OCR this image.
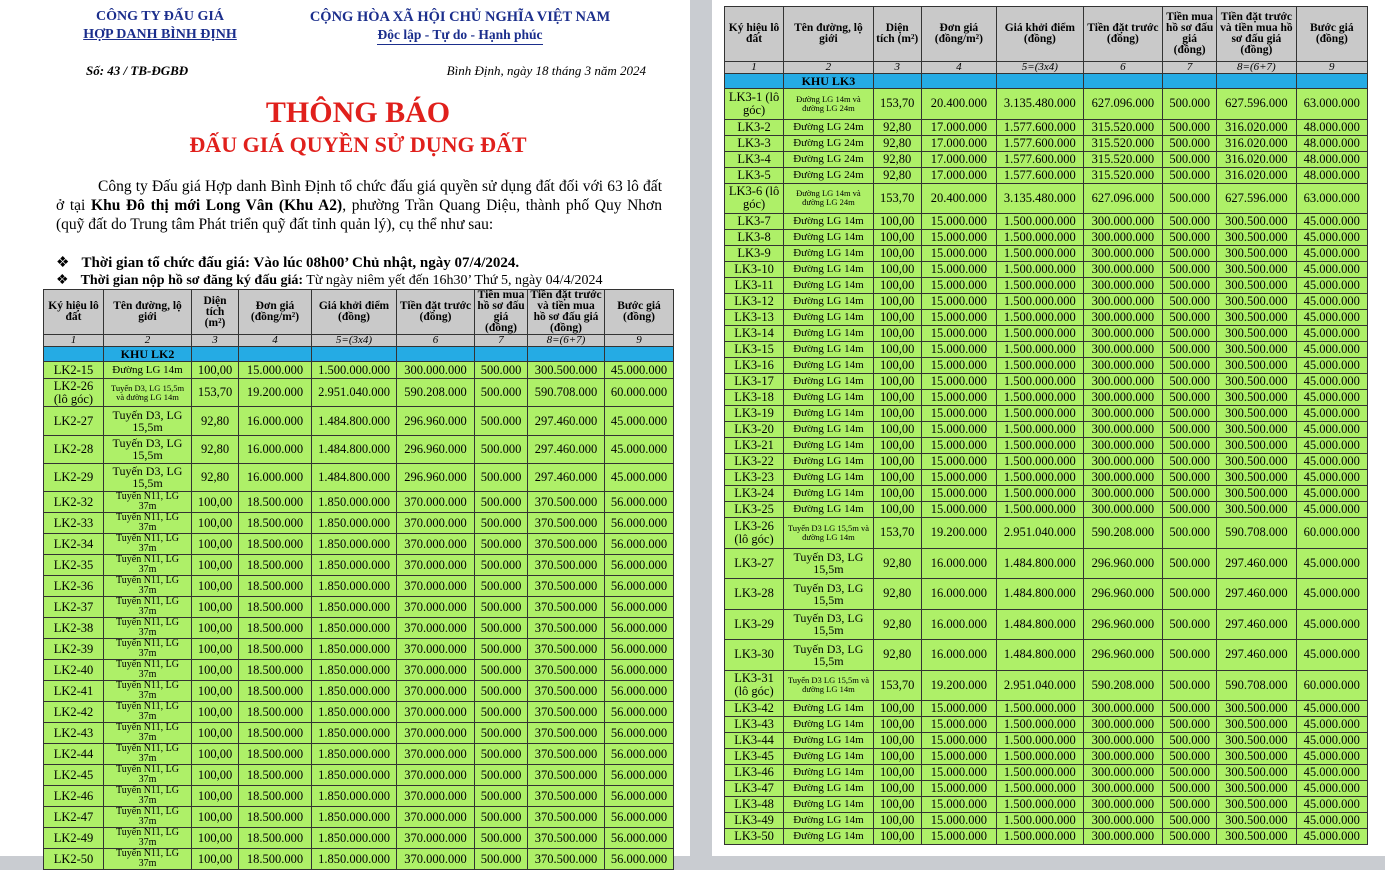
CÔNG TY ĐẤU GIÁ
HỢP DANH BÌNH ĐỊNH
CỘNG HÒA XÃ HỘI CHỦ NGHĨA VIỆT NAM
Độc lập - Tự do - Hạnh phúc
Số: 43 / TB-ĐGBĐ	Bình Định, ngày 18 tháng 3 năm 2024
THÔNG BÁO
ĐẤU GIÁ QUYỀN SỬ DỤNG ĐẤT
Công ty Đấu giá Hợp danh Bình Định tổ chức đấu giá quyền sử dụng đất đối với 63 lô đất ở tại Khu Đô thị mới Long Vân (Khu A2), phường Trần Quang Diệu, thành phố Quy Nhơn (quỹ đất do Trung tâm Phát triển quỹ đất tỉnh quản lý), cụ thể như sau:
❖ Thời gian tổ chức đấu giá: Vào lúc 08h00’ Chủ nhật, ngày 07/4/2024.
❖ Thời gian nộp hồ sơ đăng ký đấu giá: Từ ngày niêm yết đến 16h30’ Thứ 5, ngày 04/4/2024
Ký hiệu lô đất	Tên đường, lộ giới	Diện tích (m²)	Đơn giá (đồng/m²)	Giá khởi điểm (đồng)	Tiền đặt trước (đồng)	Tiền mua hồ sơ đấu giá (đồng)	Tiền đặt trước và tiền mua hồ sơ đấu giá (đồng)	Bước giá (đồng)
1	2	3	4	5=(3x4)	6	7	8=(6+7)	9
	KHU LK2							
LK2-15	Đường LG 14m	100,00	15.000.000	1.500.000.000	300.000.000	500.000	300.500.000	45.000.000
LK2-26 (lô góc)	Tuyến D3, LG 15,5m và đường LG 14m	153,70	19.200.000	2.951.040.000	590.208.000	500.000	590.708.000	60.000.000
LK2-27	Tuyến D3, LG 15,5m	92,80	16.000.000	1.484.800.000	296.960.000	500.000	297.460.000	45.000.000
LK2-28	Tuyến D3, LG 15,5m	92,80	16.000.000	1.484.800.000	296.960.000	500.000	297.460.000	45.000.000
LK2-29	Tuyến D3, LG 15,5m	92,80	16.000.000	1.484.800.000	296.960.000	500.000	297.460.000	45.000.000
LK2-32	Tuyến N11, LG 37m	100,00	18.500.000	1.850.000.000	370.000.000	500.000	370.500.000	56.000.000
LK2-33	Tuyến N11, LG 37m	100,00	18.500.000	1.850.000.000	370.000.000	500.000	370.500.000	56.000.000
LK2-34	Tuyến N11, LG 37m	100,00	18.500.000	1.850.000.000	370.000.000	500.000	370.500.000	56.000.000
LK2-35	Tuyến N11, LG 37m	100,00	18.500.000	1.850.000.000	370.000.000	500.000	370.500.000	56.000.000
LK2-36	Tuyến N11, LG 37m	100,00	18.500.000	1.850.000.000	370.000.000	500.000	370.500.000	56.000.000
LK2-37	Tuyến N11, LG 37m	100,00	18.500.000	1.850.000.000	370.000.000	500.000	370.500.000	56.000.000
LK2-38	Tuyến N11, LG 37m	100,00	18.500.000	1.850.000.000	370.000.000	500.000	370.500.000	56.000.000
LK2-39	Tuyến N11, LG 37m	100,00	18.500.000	1.850.000.000	370.000.000	500.000	370.500.000	56.000.000
LK2-40	Tuyến N11, LG 37m	100,00	18.500.000	1.850.000.000	370.000.000	500.000	370.500.000	56.000.000
LK2-41	Tuyến N11, LG 37m	100,00	18.500.000	1.850.000.000	370.000.000	500.000	370.500.000	56.000.000
LK2-42	Tuyến N11, LG 37m	100,00	18.500.000	1.850.000.000	370.000.000	500.000	370.500.000	56.000.000
LK2-43	Tuyến N11, LG 37m	100,00	18.500.000	1.850.000.000	370.000.000	500.000	370.500.000	56.000.000
LK2-44	Tuyến N11, LG 37m	100,00	18.500.000	1.850.000.000	370.000.000	500.000	370.500.000	56.000.000
LK2-45	Tuyến N11, LG 37m	100,00	18.500.000	1.850.000.000	370.000.000	500.000	370.500.000	56.000.000
LK2-46	Tuyến N11, LG 37m	100,00	18.500.000	1.850.000.000	370.000.000	500.000	370.500.000	56.000.000
LK2-47	Tuyến N11, LG 37m	100,00	18.500.000	1.850.000.000	370.000.000	500.000	370.500.000	56.000.000
LK2-49	Tuyến N11, LG 37m	100,00	18.500.000	1.850.000.000	370.000.000	500.000	370.500.000	56.000.000
LK2-50	Tuyến N11, LG 37m	100,00	18.500.000	1.850.000.000	370.000.000	500.000	370.500.000	56.000.000
Ký hiệu lô đất	Tên đường, lộ giới	Diện tích (m²)	Đơn giá (đồng/m²)	Giá khởi điểm (đồng)	Tiền đặt trước (đồng)	Tiền mua hồ sơ đấu giá (đồng)	Tiền đặt trước và tiền mua hồ sơ đấu giá (đồng)	Bước giá (đồng)
1	2	3	4	5=(3x4)	6	7	8=(6+7)	9
	KHU LK3							
LK3-1 (lô góc)	Đường LG 14m và đường LG 24m	153,70	20.400.000	3.135.480.000	627.096.000	500.000	627.596.000	63.000.000
LK3-2	Đường LG 24m	92,80	17.000.000	1.577.600.000	315.520.000	500.000	316.020.000	48.000.000
LK3-3	Đường LG 24m	92,80	17.000.000	1.577.600.000	315.520.000	500.000	316.020.000	48.000.000
LK3-4	Đường LG 24m	92,80	17.000.000	1.577.600.000	315.520.000	500.000	316.020.000	48.000.000
LK3-5	Đường LG 24m	92,80	17.000.000	1.577.600.000	315.520.000	500.000	316.020.000	48.000.000
LK3-6 (lô góc)	Đường LG 14m và đường LG 24m	153,70	20.400.000	3.135.480.000	627.096.000	500.000	627.596.000	63.000.000
LK3-7	Đường LG 14m	100,00	15.000.000	1.500.000.000	300.000.000	500.000	300.500.000	45.000.000
LK3-8	Đường LG 14m	100,00	15.000.000	1.500.000.000	300.000.000	500.000	300.500.000	45.000.000
LK3-9	Đường LG 14m	100,00	15.000.000	1.500.000.000	300.000.000	500.000	300.500.000	45.000.000
LK3-10	Đường LG 14m	100,00	15.000.000	1.500.000.000	300.000.000	500.000	300.500.000	45.000.000
LK3-11	Đường LG 14m	100,00	15.000.000	1.500.000.000	300.000.000	500.000	300.500.000	45.000.000
LK3-12	Đường LG 14m	100,00	15.000.000	1.500.000.000	300.000.000	500.000	300.500.000	45.000.000
LK3-13	Đường LG 14m	100,00	15.000.000	1.500.000.000	300.000.000	500.000	300.500.000	45.000.000
LK3-14	Đường LG 14m	100,00	15.000.000	1.500.000.000	300.000.000	500.000	300.500.000	45.000.000
LK3-15	Đường LG 14m	100,00	15.000.000	1.500.000.000	300.000.000	500.000	300.500.000	45.000.000
LK3-16	Đường LG 14m	100,00	15.000.000	1.500.000.000	300.000.000	500.000	300.500.000	45.000.000
LK3-17	Đường LG 14m	100,00	15.000.000	1.500.000.000	300.000.000	500.000	300.500.000	45.000.000
LK3-18	Đường LG 14m	100,00	15.000.000	1.500.000.000	300.000.000	500.000	300.500.000	45.000.000
LK3-19	Đường LG 14m	100,00	15.000.000	1.500.000.000	300.000.000	500.000	300.500.000	45.000.000
LK3-20	Đường LG 14m	100,00	15.000.000	1.500.000.000	300.000.000	500.000	300.500.000	45.000.000
LK3-21	Đường LG 14m	100,00	15.000.000	1.500.000.000	300.000.000	500.000	300.500.000	45.000.000
LK3-22	Đường LG 14m	100,00	15.000.000	1.500.000.000	300.000.000	500.000	300.500.000	45.000.000
LK3-23	Đường LG 14m	100,00	15.000.000	1.500.000.000	300.000.000	500.000	300.500.000	45.000.000
LK3-24	Đường LG 14m	100,00	15.000.000	1.500.000.000	300.000.000	500.000	300.500.000	45.000.000
LK3-25	Đường LG 14m	100,00	15.000.000	1.500.000.000	300.000.000	500.000	300.500.000	45.000.000
LK3-26 (lô góc)	Tuyến D3 LG 15,5m và đường LG 14m	153,70	19.200.000	2.951.040.000	590.208.000	500.000	590.708.000	60.000.000
LK3-27	Tuyến D3, LG 15,5m	92,80	16.000.000	1.484.800.000	296.960.000	500.000	297.460.000	45.000.000
LK3-28	Tuyến D3, LG 15,5m	92,80	16.000.000	1.484.800.000	296.960.000	500.000	297.460.000	45.000.000
LK3-29	Tuyến D3, LG 15,5m	92,80	16.000.000	1.484.800.000	296.960.000	500.000	297.460.000	45.000.000
LK3-30	Tuyến D3, LG 15,5m	92,80	16.000.000	1.484.800.000	296.960.000	500.000	297.460.000	45.000.000
LK3-31 (lô góc)	Tuyến D3 LG 15,5m và đường LG 14m	153,70	19.200.000	2.951.040.000	590.208.000	500.000	590.708.000	60.000.000
LK3-42	Đường LG 14m	100,00	15.000.000	1.500.000.000	300.000.000	500.000	300.500.000	45.000.000
LK3-43	Đường LG 14m	100,00	15.000.000	1.500.000.000	300.000.000	500.000	300.500.000	45.000.000
LK3-44	Đường LG 14m	100,00	15.000.000	1.500.000.000	300.000.000	500.000	300.500.000	45.000.000
LK3-45	Đường LG 14m	100,00	15.000.000	1.500.000.000	300.000.000	500.000	300.500.000	45.000.000
LK3-46	Đường LG 14m	100,00	15.000.000	1.500.000.000	300.000.000	500.000	300.500.000	45.000.000
LK3-47	Đường LG 14m	100,00	15.000.000	1.500.000.000	300.000.000	500.000	300.500.000	45.000.000
LK3-48	Đường LG 14m	100,00	15.000.000	1.500.000.000	300.000.000	500.000	300.500.000	45.000.000
LK3-49	Đường LG 14m	100,00	15.000.000	1.500.000.000	300.000.000	500.000	300.500.000	45.000.000
LK3-50	Đường LG 14m	100,00	15.000.000	1.500.000.000	300.000.000	500.000	300.500.000	45.000.000
